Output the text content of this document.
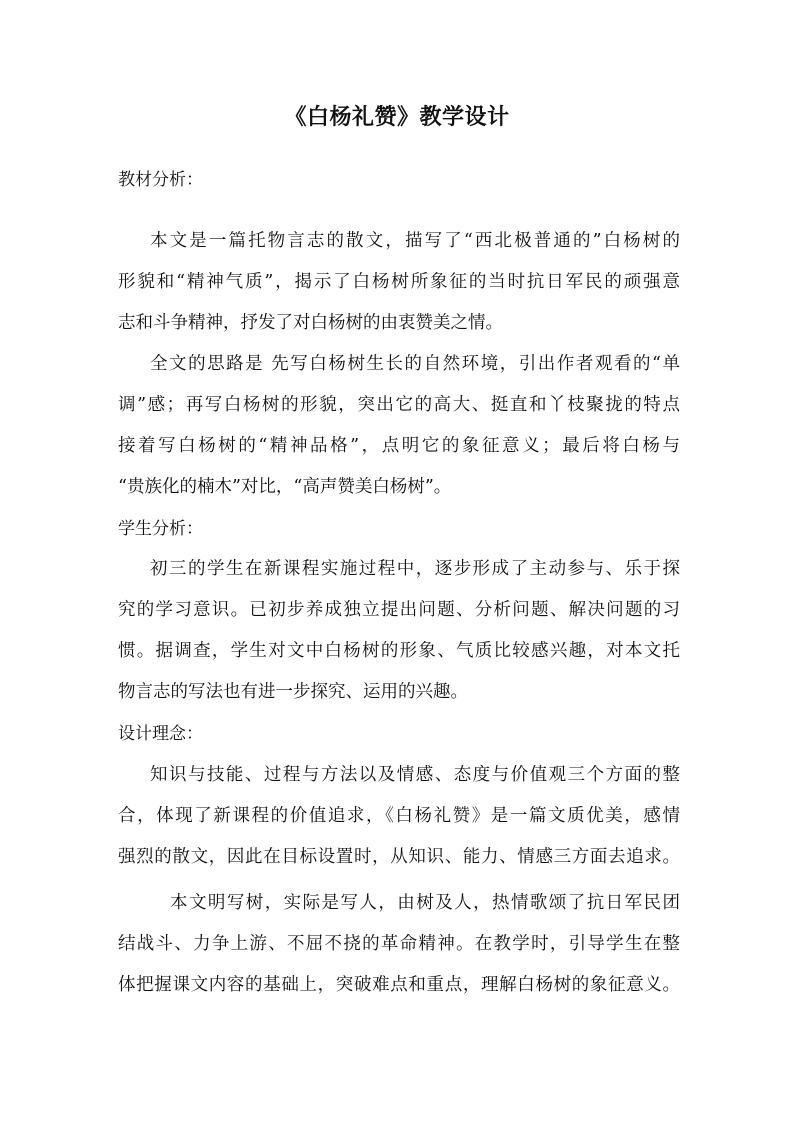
《白杨礼赞》教学设计
教材分析：
本文是一篇托物言志的散文，描写了“西北极普通的”白杨树的
形貌和“精神气质”，揭示了白杨树所象征的当时抗日军民的顽强意
志和斗争精神，抒发了对白杨树的由衷赞美之情。
全文的思路是 先写白杨树生长的自然环境，引出作者观看的“单
调”感；再写白杨树的形貌，突出它的高大、挺直和丫枝聚拢的特点
接着写白杨树的“精神品格”，点明它的象征意义；最后将白杨与
“贵族化的楠木”对比，“高声赞美白杨树”。
学生分析：
初三的学生在新课程实施过程中，逐步形成了主动参与、乐于探
究的学习意识。已初步养成独立提出问题、分析问题、解决问题的习
惯。据调查，学生对文中白杨树的形象、气质比较感兴趣，对本文托
物言志的写法也有进一步探究、运用的兴趣。
设计理念：
知识与技能、过程与方法以及情感、态度与价值观三个方面的整
合，体现了新课程的价值追求，《白杨礼赞》是一篇文质优美，感情
强烈的散文，因此在目标设置时，从知识、能力、情感三方面去追求。
本文明写树，实际是写人，由树及人，热情歌颂了抗日军民团
结战斗、力争上游、不屈不挠的革命精神。在教学时，引导学生在整
体把握课文内容的基础上，突破难点和重点，理解白杨树的象征意义。
